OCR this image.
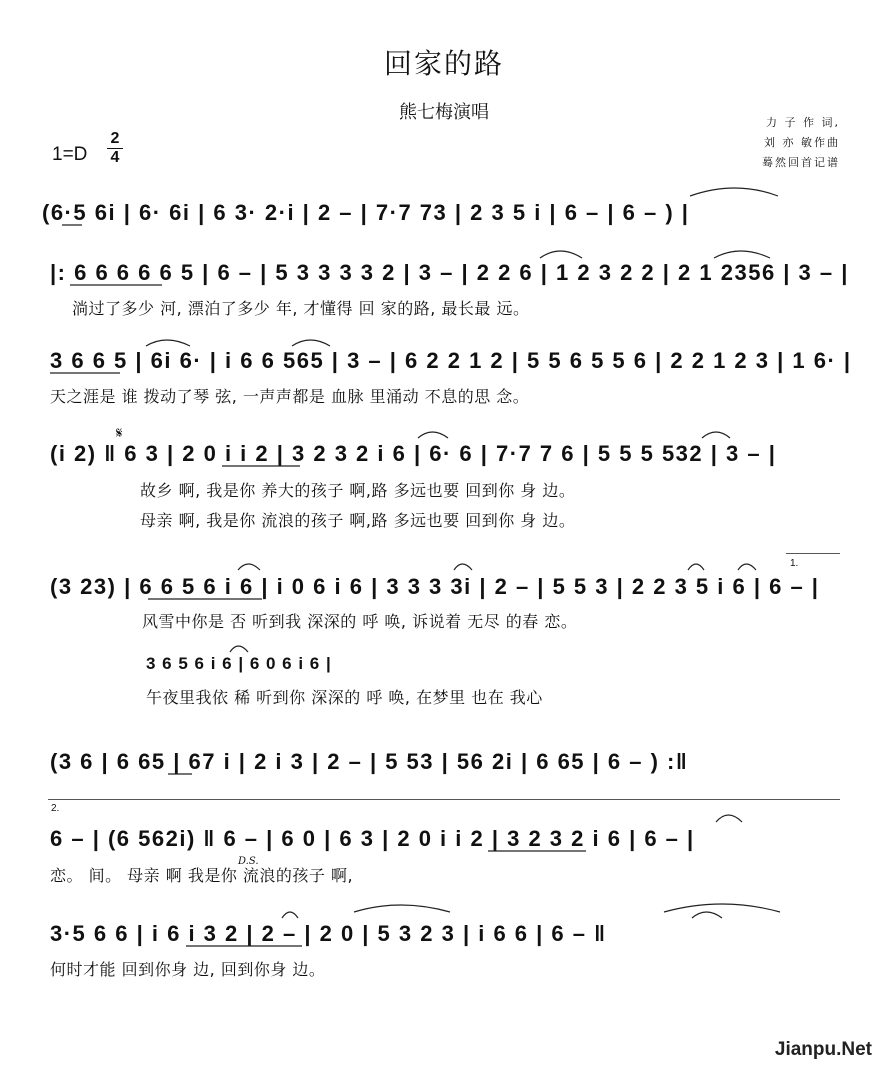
回家的路
熊七梅演唱	力 子 作 词,
刘 亦 敏作曲
蓦然回首记谱
1=D
2
4
(6·5 6i | 6· 6i | 6 3· 2·i | 2 – | 7·7 73 | 2 3 5 i | 6 – | 6 – ) |
|: 6 6 6 6 6 5 | 6 – | 5 3 3 3 3 2 | 3 – | 2 2 6 | 1 2 3 2 2 | 2 1 2356 | 3 – |
淌过了多少 河, 漂泊了多少 年, 才懂得 回 家的路, 最长最 远。
3 6 6 5 | 6i 6· | i 6 6 565 | 3 – | 6 2 2 1 2 | 5 5 6 5 5 6 | 2 2 1 2 3 | 1 6· |
天之涯是 谁 拨动了琴 弦, 一声声都是 血脉 里涌动 不息的思 念。
𝄋
(i 2) ‖ 6 3 | 2 0 i i 2 | 3 2 3 2 i 6 | 6· 6 | 7·7 7 6 | 5 5 5 532 | 3 – |
故乡 啊, 我是你 养大的孩子 啊,路 多远也要 回到你 身 边。
母亲 啊, 我是你 流浪的孩子 啊,路 多远也要 回到你 身 边。
1.
(3 23) | 6 6 5 6 i 6 | i 0 6 i 6 | 3 3 3 3i | 2 – | 5 5 3 | 2 2 3 5 i 6 | 6 – |
风雪中你是 否 听到我 深深的 呼 唤, 诉说着 无尽 的春 恋。
3 6 5 6 i 6 | 6 0 6 i 6 |
午夜里我依 稀 听到你 深深的 呼 唤, 在梦里 也在 我心
(3 6 | 6 65 | 67 i | 2 i 3 | 2 – | 5 53 | 56 2i | 6 65 | 6 – ) :‖
2.
6 – | (6 562i) ‖ 6 – | 6 0 | 6 3 | 2 0 i i 2 | 3 2 3 2 i 6 | 6 – |
D.S.
恋。 间。 母亲 啊 我是你 流浪的孩子 啊,
3·5 6 6 | i 6 i 3 2 | 2 – | 2 0 | 5 3 2 3 | i 6 6 | 6 – ‖
何时才能 回到你身 边, 回到你身 边。
Jianpu.Net
